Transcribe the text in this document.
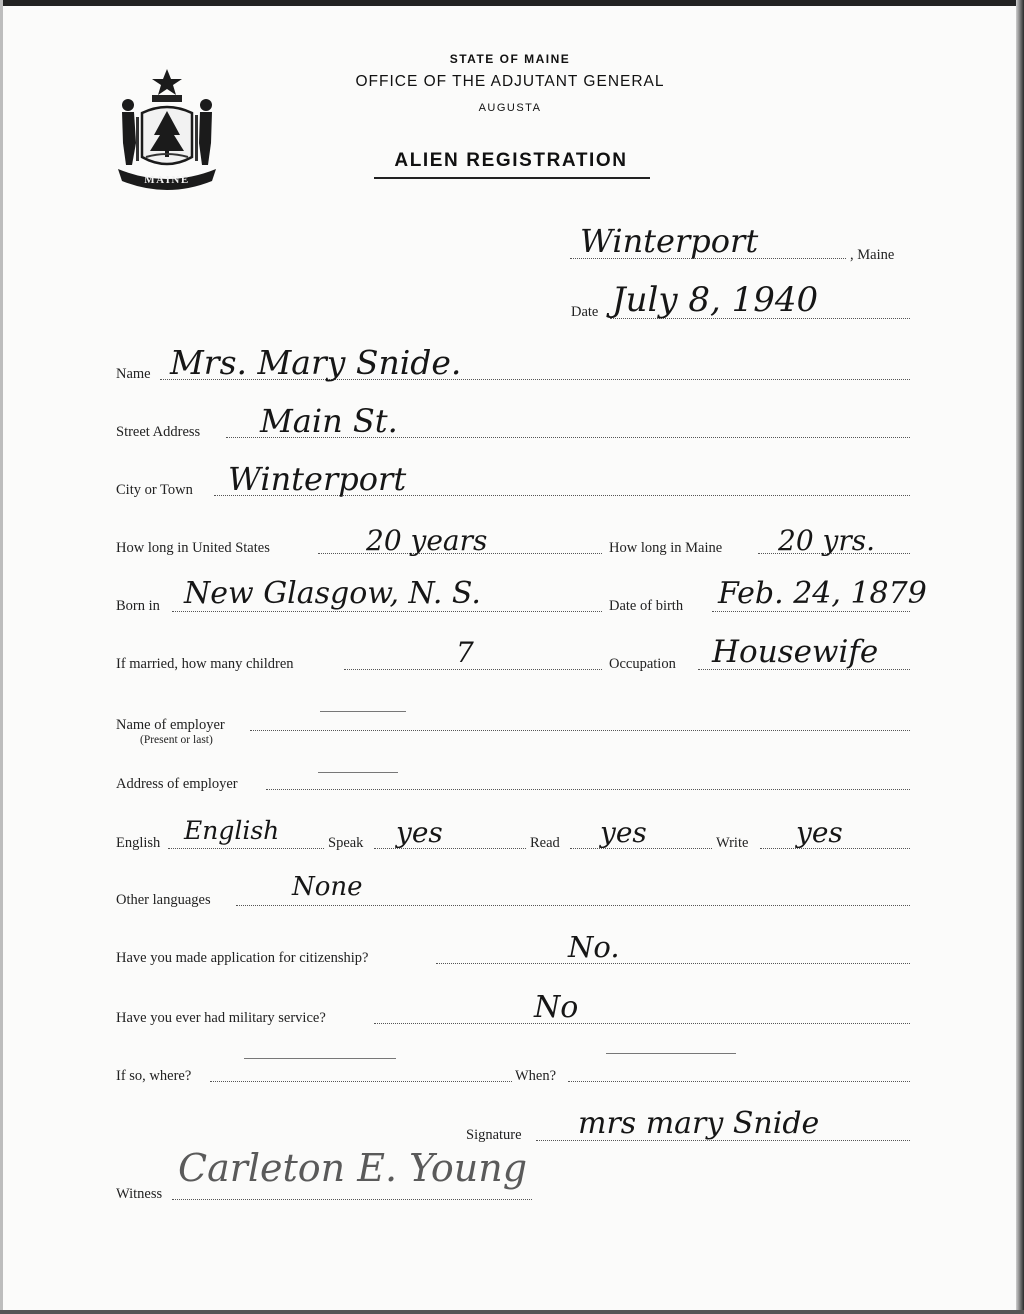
MAINE
STATE OF MAINE
OFFICE OF THE ADJUTANT GENERAL
AUGUSTA
ALIEN REGISTRATION
Winterport	, Maine
Date July 8, 1940
Name Mrs. Mary Snide.
Street Address Main St.
City or Town Winterport
How long in United States	20 years	How long in Maine 20 yrs.
Born in New Glasgow, N. S.	Date of birth Feb. 24, 1879
If married, how many children	7	Occupation Housewife
Name of employer
(Present or last)
Address of employer
English English	Speak yes	Read yes	Write yes
Other languages	None
Have you made application for citizenship?	No.
Have you ever had military service?	No
If so, where?	When?
Signature mrs mary Snide
Witness
Carleton E. Young
